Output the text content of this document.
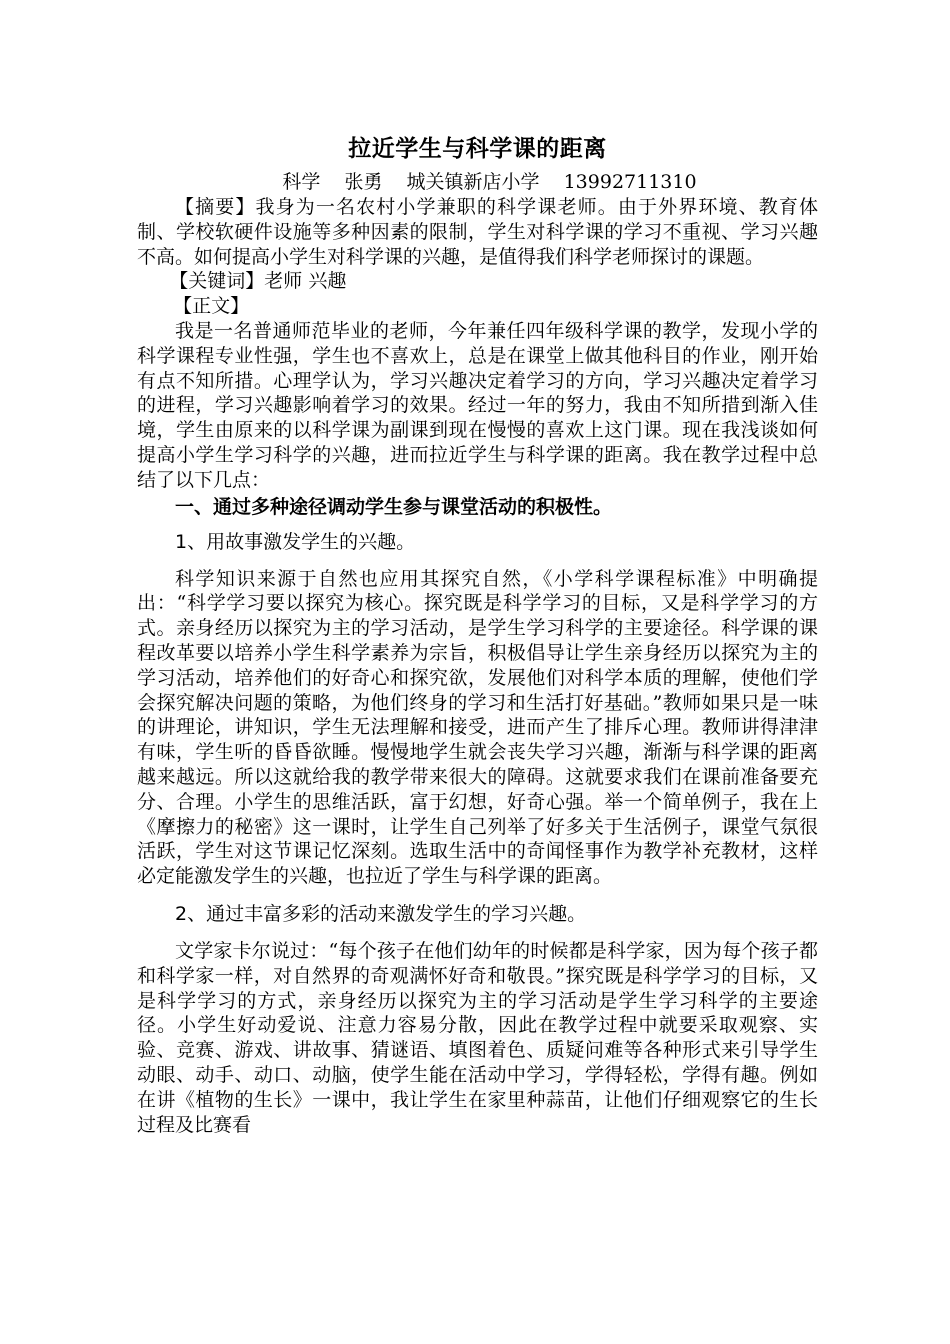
拉近学生与科学课的距离
科学 张勇 城关镇新店小学 13992711310

【摘要】我身为一名农村小学兼职的科学课老师。由于外界环境、教育体制、学校软硬件设施等多种因素的限制，学生对科学课的学习不重视、学习兴趣不高。如何提高小学生对科学课的兴趣，是值得我们科学老师探讨的课题。

【关键词】老师 兴趣

【正文】

我是一名普通师范毕业的老师，今年兼任四年级科学课的教学，发现小学的科学课程专业性强，学生也不喜欢上，总是在课堂上做其他科目的作业，刚开始有点不知所措。心理学认为，学习兴趣决定着学习的方向，学习兴趣决定着学习的进程，学习兴趣影响着学习的效果。经过一年的努力，我由不知所措到渐入佳境，学生由原来的以科学课为副课到现在慢慢的喜欢上这门课。现在我浅谈如何提高小学生学习科学的兴趣，进而拉近学生与科学课的距离。我在教学过程中总结了以下几点：

一、通过多种途径调动学生参与课堂活动的积极性。
1、用故事激发学生的兴趣。

科学知识来源于自然也应用其探究自然，《小学科学课程标准》中明确提出：“科学学习要以探究为核心。探究既是科学学习的目标，又是科学学习的方式。亲身经历以探究为主的学习活动，是学生学习科学的主要途径。科学课的课程改革要以培养小学生科学素养为宗旨，积极倡导让学生亲身经历以探究为主的学习活动，培养他们的好奇心和探究欲，发展他们对科学本质的理解，使他们学会探究解决问题的策略，为他们终身的学习和生活打好基础。”教师如果只是一味的讲理论，讲知识，学生无法理解和接受，进而产生了排斥心理。教师讲得津津有味，学生听的昏昏欲睡。慢慢地学生就会丧失学习兴趣，渐渐与科学课的距离越来越远。所以这就给我的教学带来很大的障碍。这就要求我们在课前准备要充分、合理。小学生的思维活跃，富于幻想，好奇心强。举一个简单例子，我在上《摩擦力的秘密》这一课时，让学生自己列举了好多关于生活例子，课堂气氛很活跃，学生对这节课记忆深刻。选取生活中的奇闻怪事作为教学补充教材，这样必定能激发学生的兴趣，也拉近了学生与科学课的距离。

2、通过丰富多彩的活动来激发学生的学习兴趣。

文学家卡尔说过：“每个孩子在他们幼年的时候都是科学家，因为每个孩子都和科学家一样，对自然界的奇观满怀好奇和敬畏。”探究既是科学学习的目标，又是科学学习的方式，亲身经历以探究为主的学习活动是学生学习科学的主要途径。小学生好动爱说、注意力容易分散，因此在教学过程中就要采取观察、实验、竞赛、游戏、讲故事、猜谜语、填图着色、质疑问难等各种形式来引导学生动眼、动手、动口、动脑，使学生能在活动中学习，学得轻松，学得有趣。例如在讲《植物的生长》一课中，我让学生在家里种蒜苗，让他们仔细观察它的生长过程及比赛看
